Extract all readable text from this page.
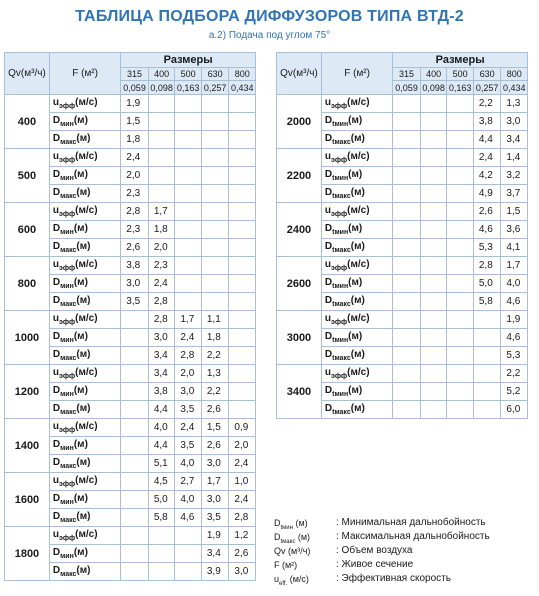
ТАБЛИЦА ПОДБОРА ДИФФУЗОРОВ ТИПА ВТД-2
а.2) Подача под углом 75°
Qv(м³/ч)	F (м²)	Размеры				
		315	400	500	630	800
		0,059	0,098	0,163	0,257	0,434
400	$u_{эфф}(м/с)$	1,9				
	$D_{мин}(м)$	1,5				
	$D_{макс}(м)$	1,8				
500	$u_{эфф}(м/с)$	2,4				
	$D_{мин}(м)$	2,0				
	$D_{макс}(м)$	2,3				
600	$u_{эфф}(м/с)$	2,8	1,7			
	$D_{мин}(м)$	2,3	1,8			
	$D_{макс}(м)$	2,6	2,0			
800	$u_{эфф}(м/с)$	3,8	2,3			
	$D_{мин}(м)$	3,0	2,4			
	$D_{макс}(м)$	3,5	2,8			
1000	$u_{эфф}(м/с)$		2,8	1,7	1,1	
	$D_{мин}(м)$		3,0	2,4	1,8	
	$D_{макс}(м)$		3,4	2,8	2,2	
1200	$u_{эфф}(м/с)$		3,4	2,0	1,3	
	$D_{мин}(м)$		3,8	3,0	2,2	
	$D_{макс}(м)$		4,4	3,5	2,6	
1400	$u_{эфф}(м/с)$		4,0	2,4	1,5	0,9
	$D_{мин}(м)$		4,4	3,5	2,6	2,0
	$D_{макс}(м)$		5,1	4,0	3,0	2,4
1600	$u_{эфф}(м/с)$		4,5	2,7	1,7	1,0
	$D_{мин}(м)$		5,0	4,0	3,0	2,4
	$D_{макс}(м)$		5,8	4,6	3,5	2,8
1800	$u_{эфф}(м/с)$				1,9	1,2
	$D_{мин}(м)$				3,4	2,6
	$D_{макс}(м)$				3,9	3,0
Qv(м³/ч)	F (м²)	Размеры				
		315	400	500	630	800
		0,059	0,098	0,163	0,257	0,434
2000	$u_{эфф}(м/с)$				2,2	1,3
	$D_{tмин}(м)$				3,8	3,0
	$D_{tмакс}(м)$				4,4	3,4
2200	$u_{эфф}(м/с)$				2,4	1,4
	$D_{tмин}(м)$				4,2	3,2
	$D_{tмакс}(м)$				4,9	3,7
2400	$u_{эфф}(м/с)$				2,6	1,5
	$D_{tмин}(м)$				4,6	3,6
	$D_{tмакс}(м)$				5,3	4,1
2600	$u_{эфф}(м/с)$				2,8	1,7
	$D_{tмин}(м)$				5,0	4,0
	$D_{tмакс}(м)$				5,8	4,6
3000	$u_{эфф}(м/с)$					1,9
	$D_{tмин}(м)$					4,6
	$D_{tмакс}(м)$					5,3
3400	$u_{эфф}(м/с)$					2,2
	$D_{tмин}(м)$					5,2
	$D_{tмакс}(м)$					6,0
$D_{tмин}$ (м)	: Минимальная дальнобойность
$D_{tмакс}$ (м)	: Максимальная дальнобойность
Qv (м³/ч)	: Объем воздуха
F (м²)	: Живое сечение
$u_{eff.}$ (м/с)	: Эффективная скорость
